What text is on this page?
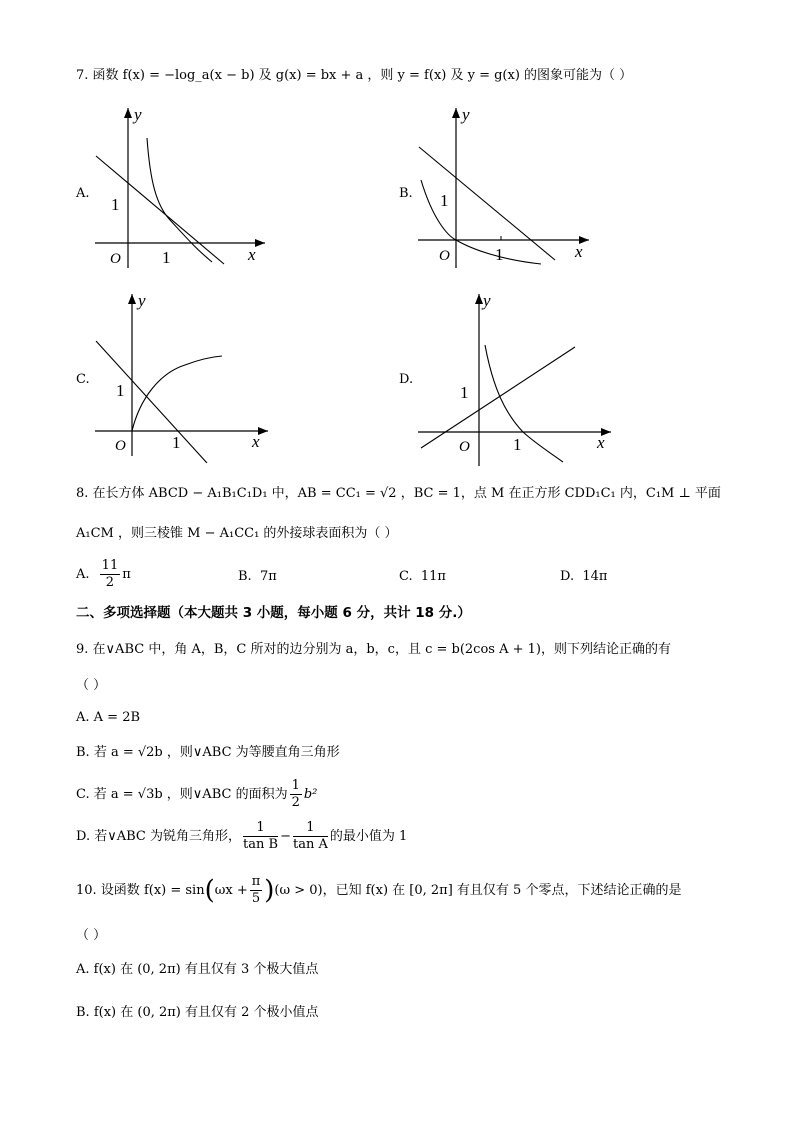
7. 函数 f(x) = −log_a(x − b) 及 g(x) = bx + a ，则 y = f(x) 及 y = g(x) 的图象可能为（ ）
A.
y
x
O
1
1
B.
y
x
O
1
1
C.
y
x
O
1
1
D.
y
x
O
1
1
8. 在长方体 ABCD − A₁B₁C₁D₁ 中，AB = CC₁ = √2 ，BC = 1，点 M 在正方形 CDD₁C₁ 内，C₁M ⊥ 平面
A₁CM ，则三棱锥 M − A₁CC₁ 的外接球表面积为（ ）
A. $\frac{11}{2}$ π	B. 7π	C. 11π	D. 14π
二、多项选择题（本大题共 3 小题，每小题 6 分，共计 18 分.）
9. 在∨ABC 中，角 A，B，C 所对的边分别为 a，b，c，且 c = b(2cos A + 1)，则下列结论正确的有
（ ）
A. A = 2B
B. 若 a = √2b ，则∨ABC 为等腰直角三角形
C. 若 a = √3b ，则∨ABC 的面积为 $\frac{1}{2} b^2$
D. 若∨ABC 为锐角三角形， $\frac{1}{\text{tan B}} - \frac{1}{\text{tan A}}$ 的最小值为 1
10. 设函数 $f(x) = \sin(\omega x + \frac{\pi}{5} )(\omega > 0)$，已知 f(x) 在 [0, 2π] 有且仅有 5 个零点，下述结论正确的是
（ ）
A. f(x) 在 (0, 2π) 有且仅有 3 个极大值点
B. f(x) 在 (0, 2π) 有且仅有 2 个极小值点
